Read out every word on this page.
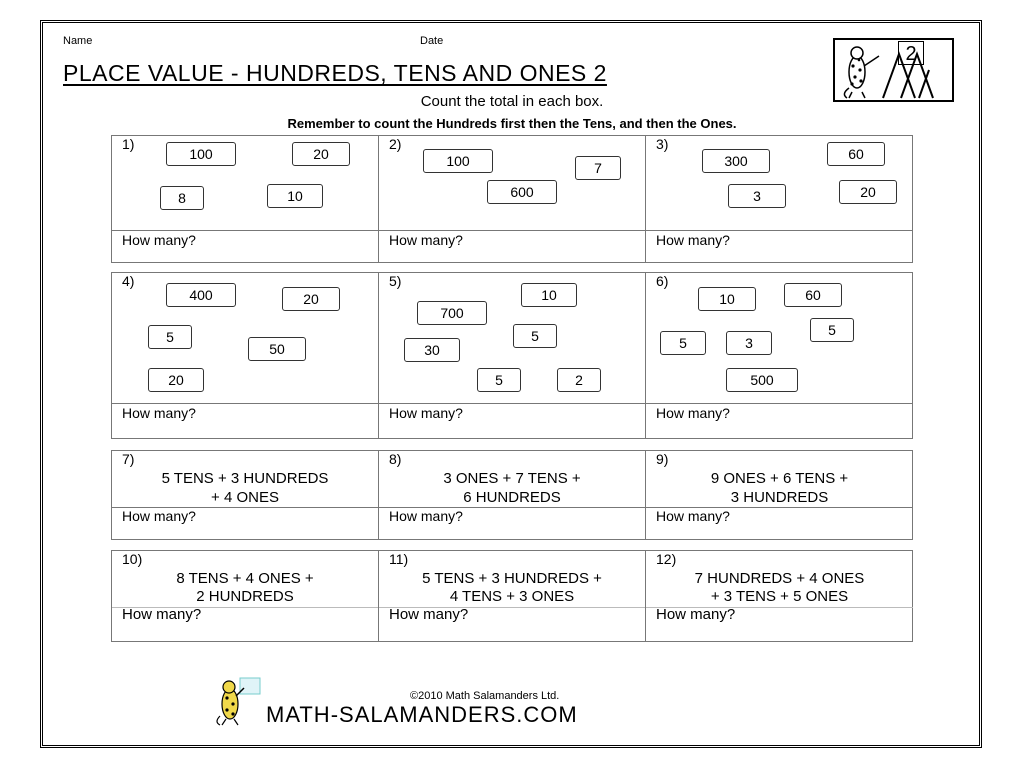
Name	Date
PLACE VALUE - HUNDREDS, TENS AND ONES 2
Count the total in each box.
Remember to count the Hundreds first then the Tens, and then the Ones.
2
1)
100	20
8	10
How many?
2)
100	7
600
How many?
3)
300	60
3	20
How many?
4)
400	20
5
50
20
How many?
5)
10
700
5
30
5	2
How many?
6)
60
10
5
5	3
500
How many?
7)
5 TENS + 3 HUNDREDS
+ 4 ONES
How many?
8)
3 ONES + 7 TENS +
6 HUNDREDS
How many?
9)
9 ONES + 6 TENS +
3 HUNDREDS
How many?
10)
8 TENS + 4 ONES +
2 HUNDREDS
How many?
11)
5 TENS + 3 HUNDREDS +
4 TENS + 3 ONES
How many?
12)
7 HUNDREDS + 4 ONES
+ 3 TENS + 5 ONES
How many?
©2010 Math Salamanders Ltd.
MATH-SALAMANDERS.COM
